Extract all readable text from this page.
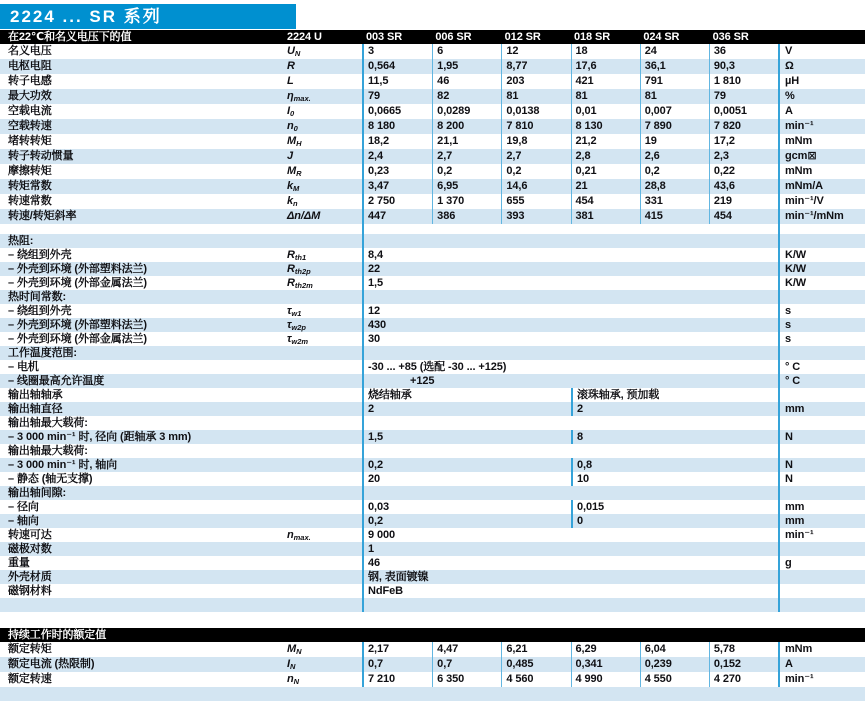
2224 ... SR 系列
在22℃和名义电压下的值	2224 U	003 SR	006 SR	012 SR	018 SR	024 SR	036 SR
名义电压	$U_N$	3	6	12	18	24	36	V
电枢电阻	R	0,564	1,95	8,77	17,6	36,1	90,3	Ω
转子电感	L	11,5	46	203	421	791	1 810	µH
最大功效	$\eta_{max.}$	79	82	81	81	81	79	%
空载电流	$I_0$	0,0665	0,0289	0,0138	0,01	0,007	0,0051	A
空载转速	$n_0$	8 180	8 200	7 810	8 130	7 890	7 820	min⁻¹
堵转转矩	$M_H$	18,2	21,1	19,8	21,2	19	17,2	mNm
转子转动惯量	J	2,4	2,7	2,7	2,8	2,6	2,3	gcm⊠
摩擦转矩	$M_R$	0,23	0,2	0,2	0,21	0,2	0,22	mNm
转矩常数	$k_M$	3,47	6,95	14,6	21	28,8	43,6	mNm/A
转速常数	$k_n$	2 750	1 370	655	454	331	219	min⁻¹/V
转速/转矩斜率	Δn/ΔM	447	386	393	381	415	454	min⁻¹/mNm
热阻:
– 绕组到外壳	$R_{th1}$	8,4	K/W
– 外壳到环境 (外部塑料法兰)	$R_{th2p}$	22	K/W
– 外壳到环境 (外部金属法兰)	$R_{th2m}$	1,5	K/W
热时间常数:
– 绕组到外壳	$\tau_{w1}$	12	s
– 外壳到环境 (外部塑料法兰)	$\tau_{w2p}$	430	s
– 外壳到环境 (外部金属法兰)	$\tau_{w2m}$	30	s
工作温度范围:
– 电机	-30 ... +85 (选配 -30 ... +125)	° C
– 线圈最高允许温度	+125	° C
输出轴轴承	烧结轴承	滚珠轴承, 预加载
输出轴直径	2	2	mm
输出轴最大载荷:
– 3 000 min⁻¹ 时, 径向 (距轴承 3 mm)	1,5	8	N
输出轴最大载荷:
– 3 000 min⁻¹ 时, 轴向	0,2	0,8	N
– 静态 (轴无支撑)	20	10	N
输出轴间隙:
– 径向	0,03	0,015	mm
– 轴向	0,2	0	mm
转速可达	$n_{max.}$	9 000	min⁻¹
磁极对数	1
重量	46	g
外壳材质	钢, 表面镀镍
磁钢材料	NdFeB
持续工作时的额定值
额定转矩	$M_N$	2,17	4,47	6,21	6,29	6,04	5,78	mNm
额定电流 (热限制)	$I_N$	0,7	0,7	0,485	0,341	0,239	0,152	A
额定转速	$n_N$	7 210	6 350	4 560	4 990	4 550	4 270	min⁻¹
